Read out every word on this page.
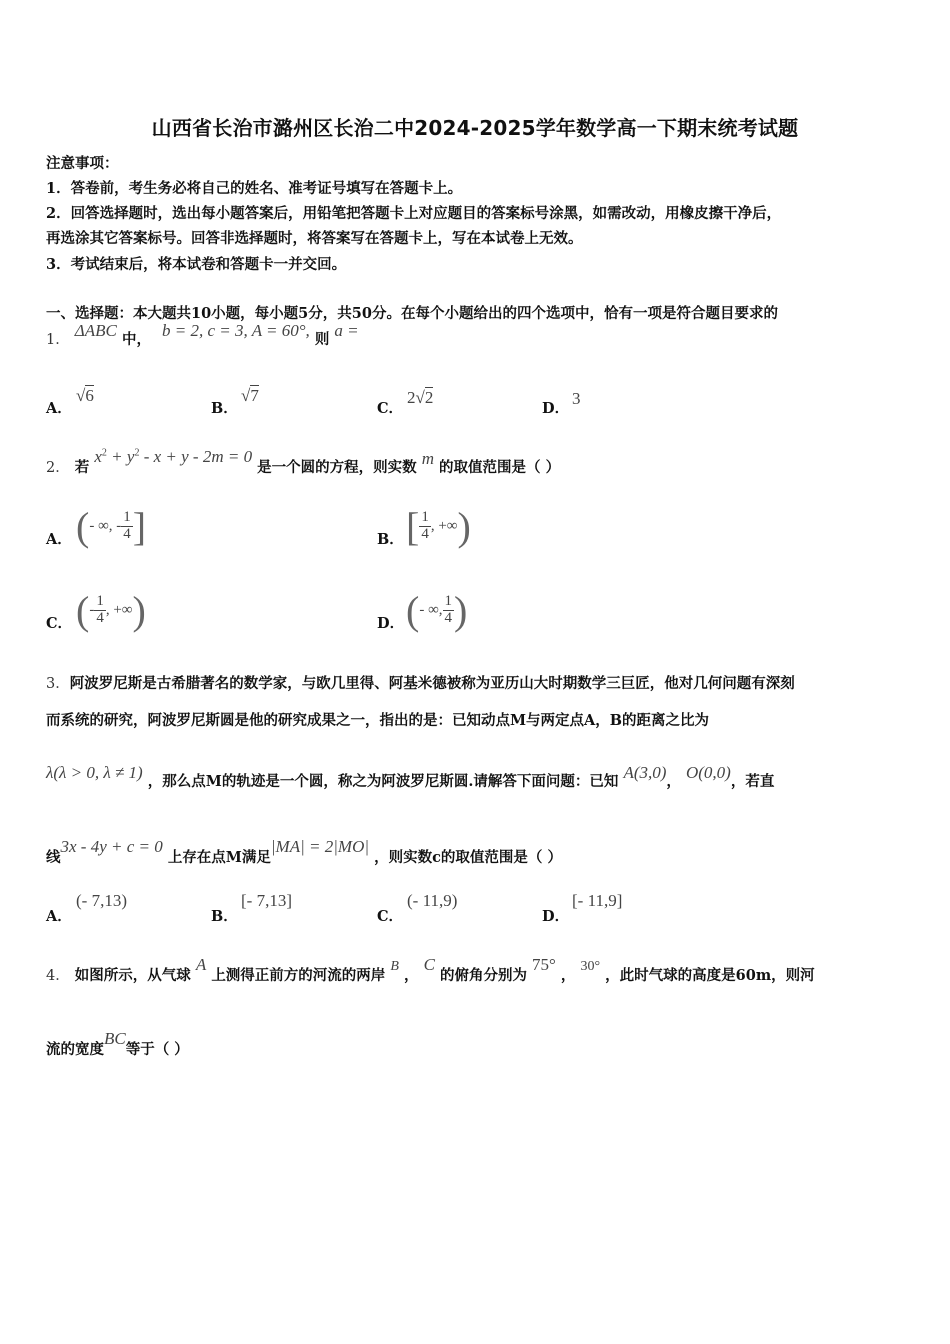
山西省长治市潞州区长治二中2024-2025学年数学高一下期末统考试题
注意事项：
1．答卷前，考生务必将自己的姓名、准考证号填写在答题卡上。
2．回答选择题时，选出每小题答案后，用铅笔把答题卡上对应题目的答案标号涂黑，如需改动，用橡皮擦干净后，
再选涂其它答案标号。回答非选择题时，将答案写在答题卡上，写在本试卷上无效。
3．考试结束后，将本试卷和答题卡一并交回。
一、选择题：本大题共10小题，每小题5分，共50分。在每个小题给出的四个选项中，恰有一项是符合题目要求的
1． ΔABC 中， b = 2, c = 3, A = 60°, 则 a =
A．
√6
B．
√7
C．
2√2
D．
3
2． 若 $x^2 + y^2 - x + y - 2m = 0$ 是一个圆的方程，则实数 m 的取值范围是（ ）
A． (- ∞, - $\frac{1}{4}$ ]	B． [ $\frac{1}{4}$ , +∞)
C． (- $\frac{1}{4}$ , +∞)	D． (- ∞, $\frac{1}{4}$ )
3．阿波罗尼斯是古希腊著名的数学家，与欧几里得、阿基米德被称为亚历山大时期数学三巨匠，他对几何问题有深刻
而系统的研究，阿波罗尼斯圆是他的研究成果之一，指出的是：已知动点M与两定点A，B的距离之比为
λ(λ > 0, λ ≠ 1) ，那么点M的轨迹是一个圆，称之为阿波罗尼斯圆.请解答下面问题：已知 A(3,0)， O(0,0)，若直
线3x - 4y + c = 0 上存在点M满足|MA| = 2|MO| ，则实数c的取值范围是（ ）
A．
(- 7,13)
B．
[- 7,13]
C．
(- 11,9)
D．
[- 11,9]
4． 如图所示，从气球 A 上测得正前方的河流的两岸 B ， C 的俯角分别为 75° ， 30° ，此时气球的高度是60m，则河
流的宽度BC等于（ ）
